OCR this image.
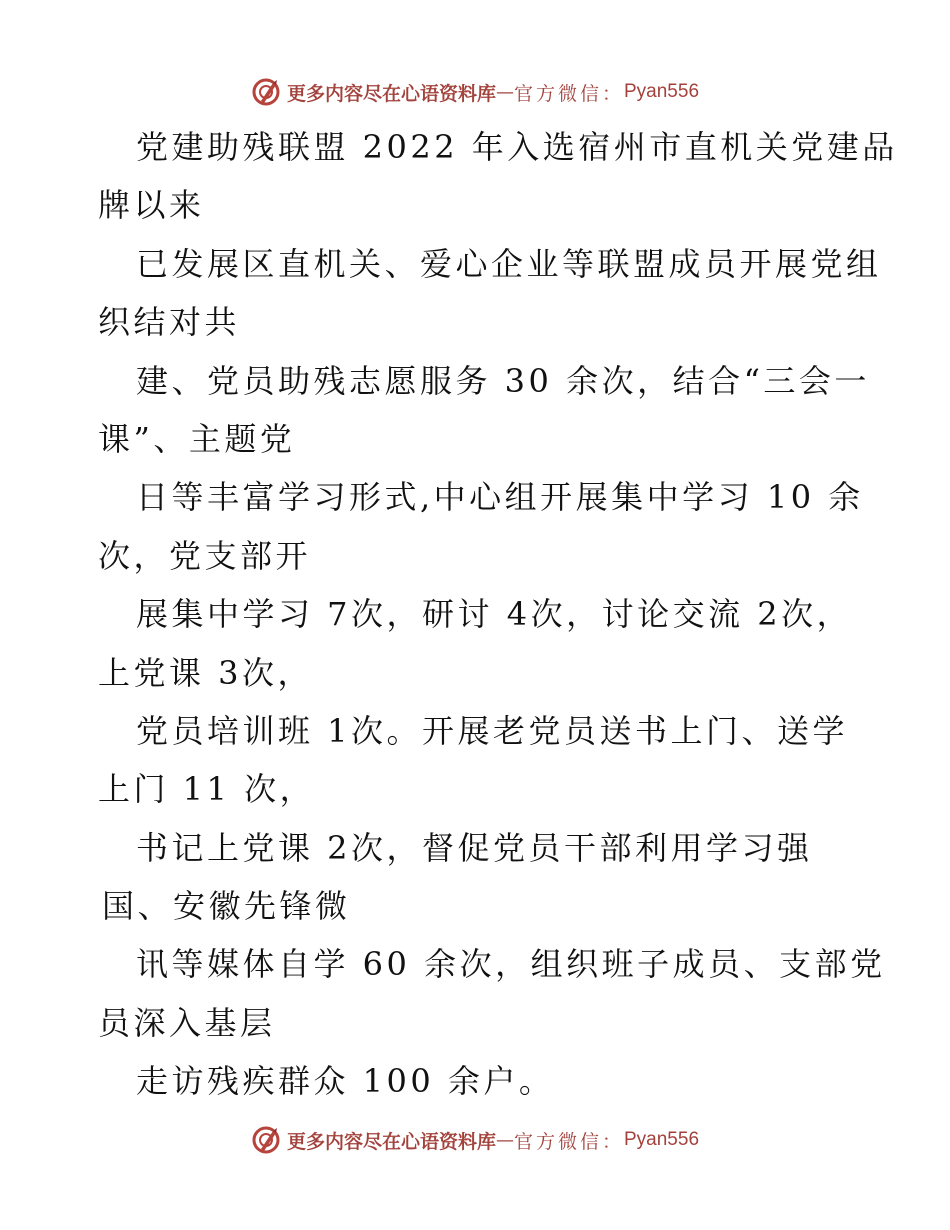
更多内容尽在心语资料库 — 官方微信： Pyan556
党建助残联盟 2022 年入选宿州市直机关党建品
牌以来
已发展区直机关、爱心企业等联盟成员开展党组
织结对共
建、党员助残志愿服务 30 余次，结合“三会一
课”、主题党
日等丰富学习形式,中心组开展集中学习 10 余
次，党支部开
展集中学习 7次，研讨 4次，讨论交流 2次，
上党课 3次，
党员培训班 1次。开展老党员送书上门、送学
上门 11 次，
书记上党课 2次，督促党员干部利用学习强
国、安徽先锋微
讯等媒体自学 60 余次，组织班子成员、支部党
员深入基层
走访残疾群众 100 余户。
更多内容尽在心语资料库 — 官方微信： Pyan556
